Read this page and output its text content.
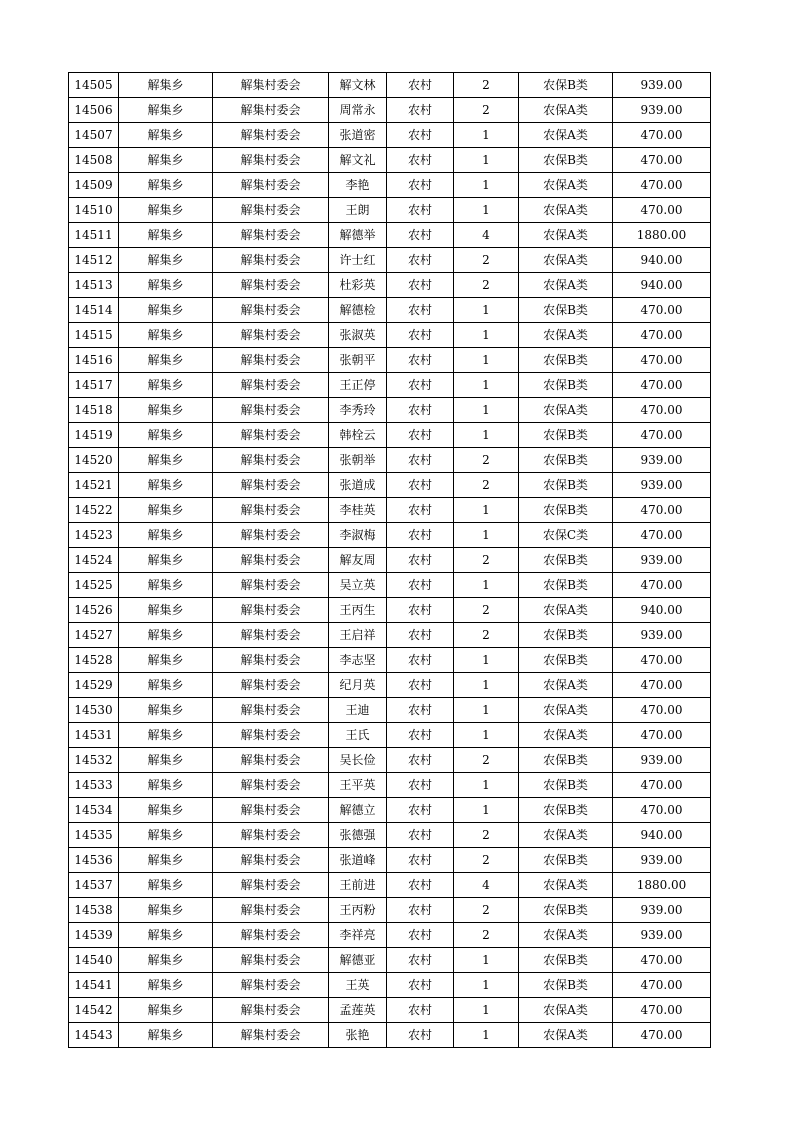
14505	解集乡	解集村委会	解文林	农村	2	农保B类	939.00
14506	解集乡	解集村委会	周常永	农村	2	农保A类	939.00
14507	解集乡	解集村委会	张道密	农村	1	农保A类	470.00
14508	解集乡	解集村委会	解文礼	农村	1	农保B类	470.00
14509	解集乡	解集村委会	李艳	农村	1	农保A类	470.00
14510	解集乡	解集村委会	王朗	农村	1	农保A类	470.00
14511	解集乡	解集村委会	解德举	农村	4	农保A类	1880.00
14512	解集乡	解集村委会	许士红	农村	2	农保A类	940.00
14513	解集乡	解集村委会	杜彩英	农村	2	农保A类	940.00
14514	解集乡	解集村委会	解德检	农村	1	农保B类	470.00
14515	解集乡	解集村委会	张淑英	农村	1	农保A类	470.00
14516	解集乡	解集村委会	张朝平	农村	1	农保B类	470.00
14517	解集乡	解集村委会	王正停	农村	1	农保B类	470.00
14518	解集乡	解集村委会	李秀玲	农村	1	农保A类	470.00
14519	解集乡	解集村委会	韩栓云	农村	1	农保B类	470.00
14520	解集乡	解集村委会	张朝举	农村	2	农保B类	939.00
14521	解集乡	解集村委会	张道成	农村	2	农保B类	939.00
14522	解集乡	解集村委会	李桂英	农村	1	农保B类	470.00
14523	解集乡	解集村委会	李淑梅	农村	1	农保C类	470.00
14524	解集乡	解集村委会	解友周	农村	2	农保B类	939.00
14525	解集乡	解集村委会	吴立英	农村	1	农保B类	470.00
14526	解集乡	解集村委会	王丙生	农村	2	农保A类	940.00
14527	解集乡	解集村委会	王启祥	农村	2	农保B类	939.00
14528	解集乡	解集村委会	李志坚	农村	1	农保B类	470.00
14529	解集乡	解集村委会	纪月英	农村	1	农保A类	470.00
14530	解集乡	解集村委会	王迪	农村	1	农保A类	470.00
14531	解集乡	解集村委会	王氏	农村	1	农保A类	470.00
14532	解集乡	解集村委会	吴长俭	农村	2	农保B类	939.00
14533	解集乡	解集村委会	王平英	农村	1	农保B类	470.00
14534	解集乡	解集村委会	解德立	农村	1	农保B类	470.00
14535	解集乡	解集村委会	张德强	农村	2	农保A类	940.00
14536	解集乡	解集村委会	张道峰	农村	2	农保B类	939.00
14537	解集乡	解集村委会	王前进	农村	4	农保A类	1880.00
14538	解集乡	解集村委会	王丙粉	农村	2	农保B类	939.00
14539	解集乡	解集村委会	李祥亮	农村	2	农保A类	939.00
14540	解集乡	解集村委会	解德亚	农村	1	农保B类	470.00
14541	解集乡	解集村委会	王英	农村	1	农保B类	470.00
14542	解集乡	解集村委会	孟莲英	农村	1	农保A类	470.00
14543	解集乡	解集村委会	张艳	农村	1	农保A类	470.00
